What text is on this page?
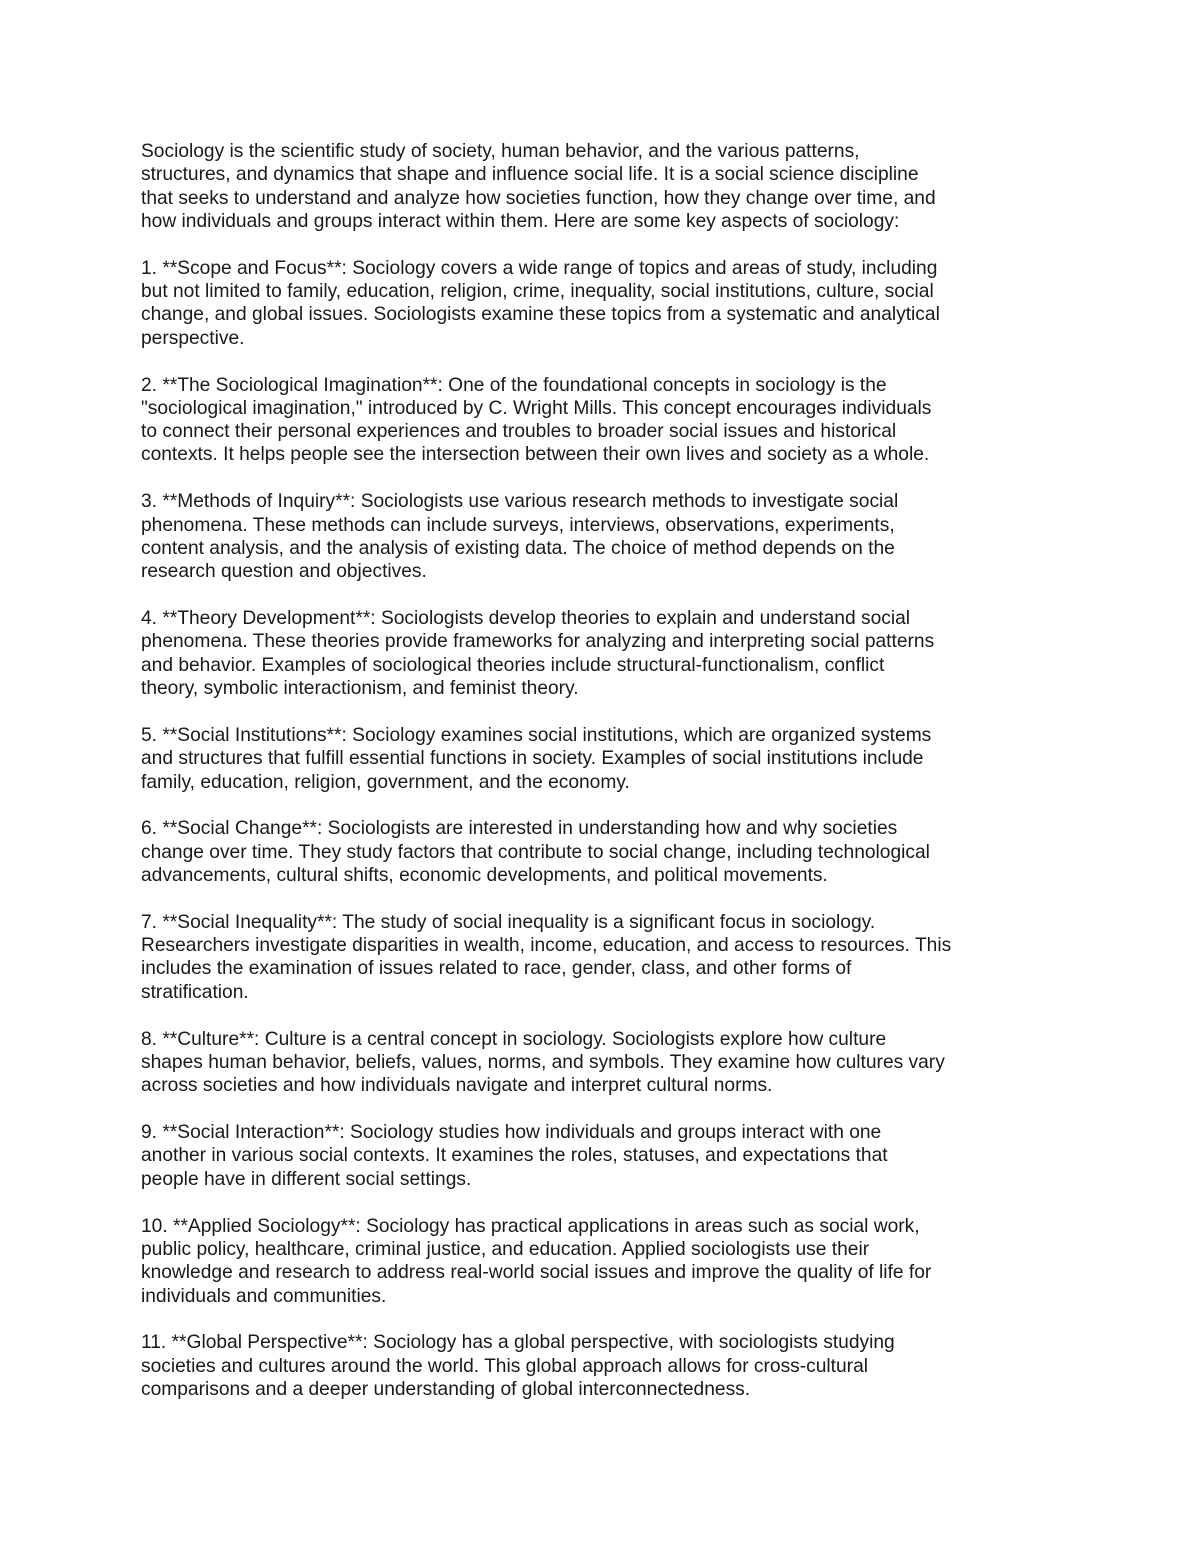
Sociology is the scientific study of society, human behavior, and the various patterns,
structures, and dynamics that shape and influence social life. It is a social science discipline
that seeks to understand and analyze how societies function, how they change over time, and
how individuals and groups interact within them. Here are some key aspects of sociology:

1. **Scope and Focus**: Sociology covers a wide range of topics and areas of study, including
but not limited to family, education, religion, crime, inequality, social institutions, culture, social
change, and global issues. Sociologists examine these topics from a systematic and analytical
perspective.

2. **The Sociological Imagination**: One of the foundational concepts in sociology is the
"sociological imagination," introduced by C. Wright Mills. This concept encourages individuals
to connect their personal experiences and troubles to broader social issues and historical
contexts. It helps people see the intersection between their own lives and society as a whole.

3. **Methods of Inquiry**: Sociologists use various research methods to investigate social
phenomena. These methods can include surveys, interviews, observations, experiments,
content analysis, and the analysis of existing data. The choice of method depends on the
research question and objectives.

4. **Theory Development**: Sociologists develop theories to explain and understand social
phenomena. These theories provide frameworks for analyzing and interpreting social patterns
and behavior. Examples of sociological theories include structural-functionalism, conflict
theory, symbolic interactionism, and feminist theory.

5. **Social Institutions**: Sociology examines social institutions, which are organized systems
and structures that fulfill essential functions in society. Examples of social institutions include
family, education, religion, government, and the economy.

6. **Social Change**: Sociologists are interested in understanding how and why societies
change over time. They study factors that contribute to social change, including technological
advancements, cultural shifts, economic developments, and political movements.

7. **Social Inequality**: The study of social inequality is a significant focus in sociology.
Researchers investigate disparities in wealth, income, education, and access to resources. This
includes the examination of issues related to race, gender, class, and other forms of
stratification.

8. **Culture**: Culture is a central concept in sociology. Sociologists explore how culture
shapes human behavior, beliefs, values, norms, and symbols. They examine how cultures vary
across societies and how individuals navigate and interpret cultural norms.

9. **Social Interaction**: Sociology studies how individuals and groups interact with one
another in various social contexts. It examines the roles, statuses, and expectations that
people have in different social settings.

10. **Applied Sociology**: Sociology has practical applications in areas such as social work,
public policy, healthcare, criminal justice, and education. Applied sociologists use their
knowledge and research to address real-world social issues and improve the quality of life for
individuals and communities.

11. **Global Perspective**: Sociology has a global perspective, with sociologists studying
societies and cultures around the world. This global approach allows for cross-cultural
comparisons and a deeper understanding of global interconnectedness.
